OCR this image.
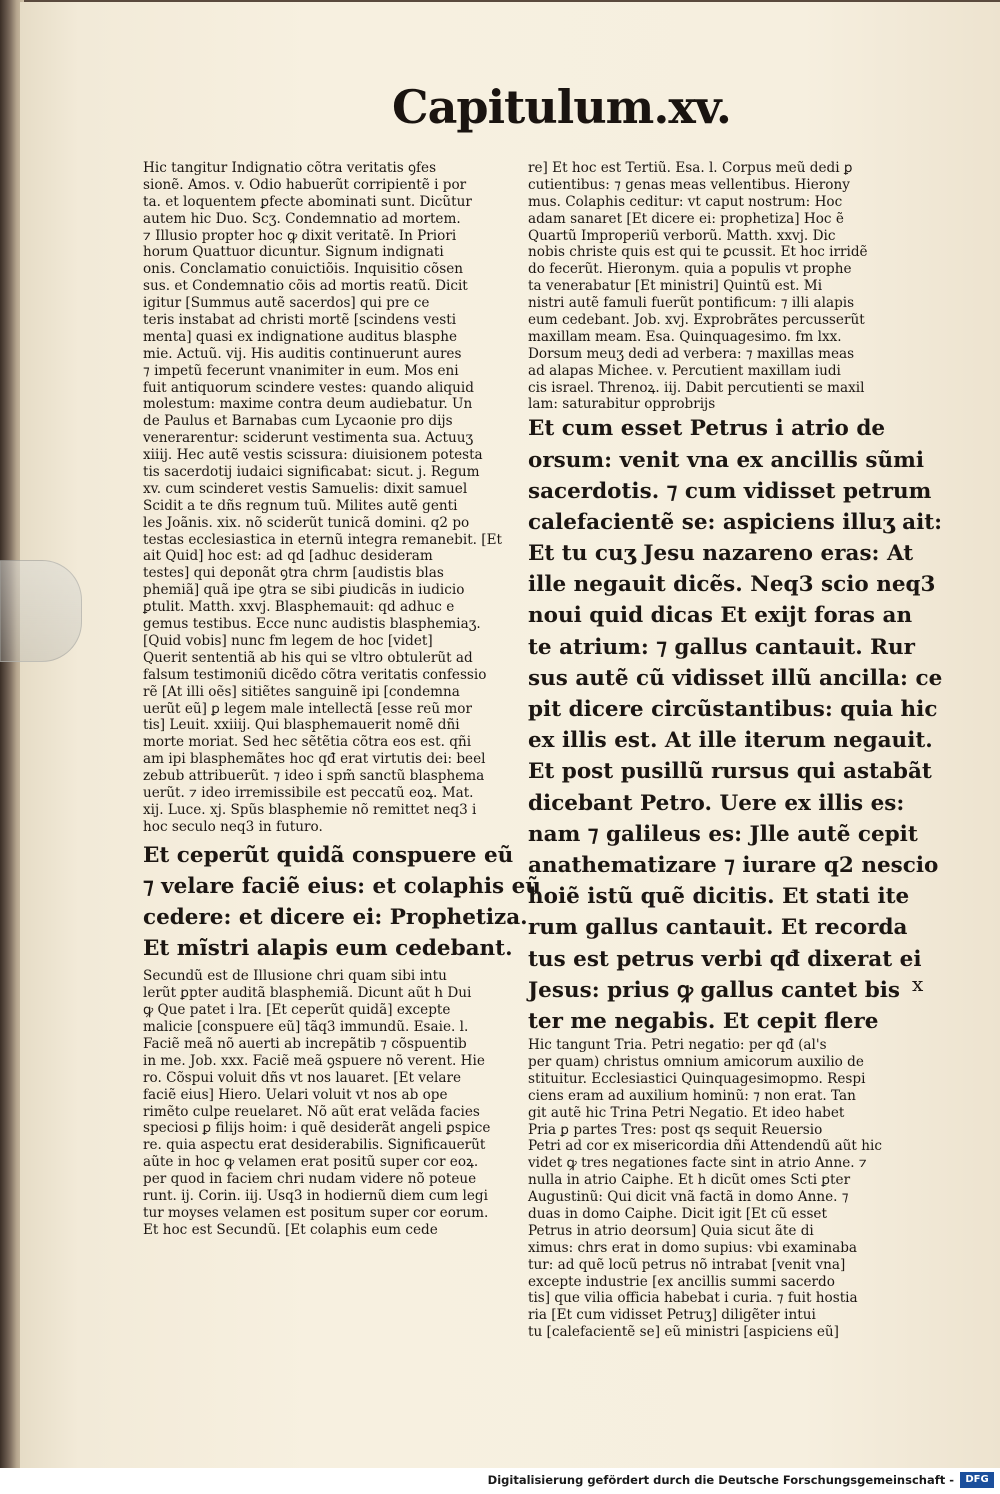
Capitulum.xv.
Hic tangitur Indignatio cõtra veritatis ꝯfes
sionẽ. Amos. v. Odio habuerũt corripientẽ i por
ta. et loquentem ꝑfecte abominati sunt. Dicũtur
autem hic Duo. Scʒ. Condemnatio ad mortem.
⁊ Illusio propter hoc ꝙ dixit veritatẽ. In Priori
horum Quattuor dicuntur. Signum indignati
onis. Conclamatio conuictiõis. Inquisitio cõsen
sus. et Condemnatio cõis ad mortis reatũ. Dicit
igitur [Summus autẽ sacerdos] qui pre ce
teris instabat ad christi mortẽ [scindens vesti
menta] quasi ex indignatione auditus blasphe
mie. Actuũ. vij. His auditis continuerunt aures
⁊ impetũ fecerunt vnanimiter in eum. Mos eni
fuit antiquorum scindere vestes: quando aliquid
molestum: maxime contra deum audiebatur. Un
de Paulus et Barnabas cum Lycaonie pro dijs
venerarentur: sciderunt vestimenta sua. Actuuʒ
xiiij. Hec autẽ vestis scissura: diuisionem potesta
tis sacerdotij iudaici significabat: sicut. j. Regum
xv. cum scinderet vestis Samuelis: dixit samuel
Scidit a te dñs regnum tuũ. Milites autẽ genti
les Joãnis. xix. nõ sciderũt tunicã domini. q2 po
testas ecclesiastica in eternũ integra remanebit. [Et
ait Quid] hoc est: ad qd [adhuc desideram
testes] qui deponãt ꝯtra chrm [audistis blas
phemiã] quã ipe ꝯtra se sibi ꝑiudicãs in iudicio
ꝑtulit. Matth. xxvj. Blasphemauit: qd adhuc e
gemus testibus. Ecce nunc audistis blasphemiaʒ.
[Quid vobis] nunc fm legem de hoc [videt]
Querit sententiã ab his qui se vltro obtulerũt ad
falsum testimoniũ dicẽdo cõtra veritatis confessio
rẽ [At illi oẽs] sitiẽtes sanguinẽ ipi [condemna
uerũt eũ] ꝑ legem male intellectã [esse reũ mor
tis] Leuit. xxiiij. Qui blasphemauerit nomẽ dñi
morte moriat. Sed hec sẽtẽtia cõtra eos est. qñi
am ipi blasphemãtes hoc qđ erat virtutis dei: beel
zebub attribuerũt. ⁊ ideo i spm̃ sanctũ blasphema
uerũt. ⁊ ideo irremissibile est peccatũ eoꝝ. Mat.
xij. Luce. xj. Spũs blasphemie nõ remittet neq3 i
hoc seculo neq3 in futuro.
Et ceperũt quidã conspuere eũ
⁊ velare faciẽ eius: et colaphis eũ
cedere: et dicere ei: Prophetiza.
Et mĩstri alapis eum cedebant.
Secundũ est de Illusione chri quam sibi intu
lerũt ꝑpter auditã blasphemiã. Dicunt aũt h Dui
ꝙ Que patet i lra. [Et ceperũt quidã] excepte
malicie [conspuere eũ] tãq3 immundũ. Esaie. l.
Faciẽ meã nõ auerti ab increpãtib ⁊ cõspuentib
in me. Job. xxx. Faciẽ meã ꝯspuere nõ verent. Hie
ro. Cõspui voluit dñs vt nos lauaret. [Et velare
faciẽ eius] Hiero. Uelari voluit vt nos ab ope
rimẽto culpe reuelaret. Nõ aũt erat velãda facies
speciosi ꝑ filijs hoim: i quẽ desiderãt angeli ꝑspice
re. quia aspectu erat desiderabilis. Significauerũt
aũte in hoc ꝙ velamen erat positũ super cor eoꝝ.
per quod in faciem chri nudam videre nõ poteue
runt. ij. Corin. iij. Usq3 in hodiernũ diem cum legi
tur moyses velamen est positum super cor eorum.
Et hoc est Secundũ. [Et colaphis eum cede
re] Et hoc est Tertiũ. Esa. l. Corpus meũ dedi ꝑ
cutientibus: ⁊ genas meas vellentibus. Hierony
mus. Colaphis ceditur: vt caput nostrum: Hoc
adam sanaret [Et dicere ei: prophetiza] Hoc ẽ
Quartũ Improperiũ verborũ. Matth. xxvj. Dic
nobis christe quis est qui te ꝑcussit. Et hoc irridẽ
do fecerũt. Hieronym. quia a populis vt prophe
ta venerabatur [Et ministri] Quintũ est. Mi
nistri autẽ famuli fuerũt pontificum: ⁊ illi alapis
eum cedebant. Job. xvj. Exprobrãtes percusserũt
maxillam meam. Esa. Quinquagesimo. fm lxx.
Dorsum meuʒ dedi ad verbera: ⁊ maxillas meas
ad alapas Michee. v. Percutient maxillam iudi
cis israel. Threnoꝝ. iij. Dabit percutienti se maxil
lam: saturabitur opprobrijs
Et cum esset Petrus i atrio de
orsum: venit vna ex ancillis sũmi
sacerdotis. ⁊ cum vidisset petrum
calefacientẽ se: aspiciens illuʒ ait:
Et tu cuʒ Jesu nazareno eras: At
ille negauit dicẽs. Neq3 scio neq3
noui quid dicas Et exijt foras an
te atrium: ⁊ gallus cantauit. Rur
sus autẽ cũ vidisset illũ ancilla: ce
pit dicere circũstantibus: quia hic
ex illis est. At ille iterum negauit.
Et post pusillũ rursus qui astabãt
dicebant Petro. Uere ex illis es:
nam ⁊ galileus es: Jlle autẽ cepit
anathematizare ⁊ iurare q2 nescio
hoiẽ istũ quẽ dicitis. Et stati ite
rum gallus cantauit. Et recorda
tus est petrus verbi qđ dixerat ei
Jesus: prius ꝙ gallus cantet bis
ter me negabis. Et cepit flere
Hic tangunt Tria. Petri negatio: per qđ (al's
per quam) christus omnium amicorum auxilio de
stituitur. Ecclesiastici Quinquagesimopmo. Respi
ciens eram ad auxilium hominũ: ⁊ non erat. Tan
git autẽ hic Trina Petri Negatio. Et ideo habet
Pria ꝑ partes Tres: post qs sequit Reuersio
Petri ad cor ex misericordia dñi Attendendũ aũt hic
videt ꝙ tres negationes facte sint in atrio Anne. ⁊
nulla in atrio Caiphe. Et h dicũt omes Scti ꝑter
Augustinũ: Qui dicit vnã factã in domo Anne. ⁊
duas in domo Caiphe. Dicit igit [Et cũ esset
Petrus in atrio deorsum] Quia sicut ãte di
ximus: chrs erat in domo supius: vbi examinaba
tur: ad quẽ locũ petrus nõ intrabat [venit vna]
excepte industrie [ex ancillis summi sacerdo
tis] que vilia officia habebat i curia. ⁊ fuit hostia
ria [Et cum vidisset Petruʒ] diligẽter intui
tu [calefacientẽ se] eũ ministri [aspiciens eũ]
x
Digitalisierung gefördert durch die Deutsche Forschungsgemeinschaft -	DFG
